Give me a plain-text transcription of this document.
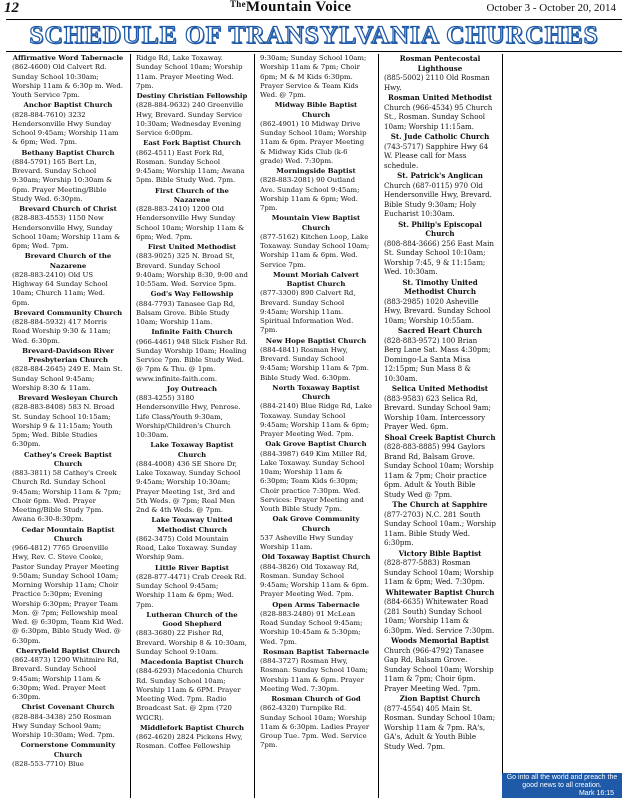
12	$^{The}$Mountain Voice	October 3 - October 20, 2014
SCHEDULE OF TRANSYLVANIA CHURCHES
Affirmative Word Tabernacle
(862-4600) Old Calvert Rd. Sunday School 10:30am; Worship 11am & 6:30p m. Wed. Youth Service 7pm.
Anchor Baptist Church
(828-884-7610) 3232 Hendersonville Hwy Sunday School 9:45am; Worship 11am & 6pm; Wed. 7pm.
Bethany Baptist Church
(884-5791) 165 Bert Ln, Brevard. Sunday School 9:30am; Worship 10:30am & 6pm. Prayer Meeting/Bible Study Wed. 6:30pm.
Brevard Church of Christ
(828-883-4553) 1150 New Hendersonville Hwy, Sunday School 10am; Worship 11am & 6pm; Wed. 7pm.
Brevard Church of the Nazarene
(828-883-2410) Old US Highway 64 Sunday School 10am; Church 11am; Wed. 6pm.
Brevard Community Church
(828-884-5932) 417 Morris Road Worship 9:30 & 11am; Wed. 6:30pm.
Brevard-Davidson River Presbyterian Church
(828-884-2645) 249 E. Main St. Sunday School 9:45am; Worship 8:30 & 11am.
Brevard Wesleyan Church
(828-883-8408) 583 N. Broad St. Sunday School 10:15am; Worship 9 & 11:15am; Youth 5pm; Wed. Bible Studies 6:30pm.
Cathey's Creek Baptist Church
(883-3811) 58 Cathey's Creek Church Rd. Sunday School 9:45am; Worship 11am & 7pm; Choir 6pm. Wed. Prayer Meeting/Bible Study 7pm. Awana 6:30-8:30pm.
Cedar Mountain Baptist Church
(966-4812) 7765 Greenville Hwy, Rev. C. Steve Cooke, Pastor Sunday Prayer Meeting 9:50am; Sunday School 10am; Morning Worship 11am; Choir Practice 5:30pm; Evening Worship 6:30pm; Prayer Team Mon. @ 7pm; Fellowship meal Wed. @ 6:30pm, Team Kid Wed. @ 6:30pm, Bible Study Wed. @ 6:30pm.
Cherryfield Baptist Church
(862-4873) 1290 Whitmire Rd, Brevard. Sunday School 9:45am; Worship 11am & 6:30pm; Wed. Prayer Meet 6:30pm.
Christ Covenant Church
(828-884-3438) 250 Rosman Hwy Sunday School 9am; Worship 10:30am; Wed. 7pm.
Cornerstone Community Church
(828-553-7710) Blue
Ridge Rd, Lake Toxaway. Sunday School 10am; Worship 11am. Prayer Meeting Wed. 7pm.
Destiny Christian Fellowship
(828-884-9632) 240 Greenville Hwy, Brevard. Sunday Service 10:30am; Wednesday Evening Service 6:00pm.
East Fork Baptist Church
(862-4511) East Fork Rd, Rosman. Sunday School 9:45am; Worship 11am; Awana 5pm. Bible Study Wed. 7pm.
First Church of the Nazarene
(828-883-2410) 1200 Old Hendersonville Hwy Sunday School 10am; Worship 11am & 6pm; Wed. 7pm.
First United Methodist
(883-9025) 325 N. Broad St, Brevard. Sunday School 9:40am; Worship 8:30, 9:00 and 10:55am. Wed. Service 5pm.
God's Way Fellowship
(884-7793) Tanasee Gap Rd, Balsam Grove. Bible Study 10am; Worship 11am.
Infinite Faith Church
(966-4461) 948 Slick Fisher Rd. Sunday Worship 10am; Healing Service 7pm. Bible Study Wed. @ 7pm & Thu. @ 1pm. www.infinite-faith.com.
Joy Outreach
(883-4255) 3180 Hendersonville Hwy, Penrose. Life Class/Youth 9:30am, Worship/Children's Church 10:30am.
Lake Toxaway Baptist Church
(884-4008) 436 SE Shore Dr, Lake Toxaway. Sunday School 9:45am; Worship 10:30am; Prayer Meeting 1st, 3rd and 5th Weds. @ 7pm; Real Men 2nd & 4th Weds. @ 7pm.
Lake Toxaway United Methodist Church
(862-3475) Cold Mountain Road, Lake Toxaway. Sunday Worship 9am.
Little River Baptist
(828-877-4471) Crab Creek Rd. Sunday School 9:45am; Worship 11am & 6pm; Wed. 7pm.
Lutheran Church of the Good Shepherd
(883-3680) 22 Fisher Rd, Brevard. Worship 8 & 10:30am, Sunday School 9:10am.
Macedonia Baptist Church
(884-6293) Macedonia Church Rd. Sunday School 10am; Worship 11am & 6PM. Prayer Meeting Wed. 7pm. Radio Broadcast Sat. @ 2pm (720 WGCR).
Middlefork Baptist Church
(862-4620) 2824 Pickens Hwy, Rosman. Coffee Fellowship
9:30am; Sunday School 10am; Worship 11am & 7pm; Choir 6pm; M & M Kids 6:30pm. Prayer Service & Team Kids Wed. @ 7pm.
Midway Bible Baptist Church
(862-4901) 10 Midway Drive Sunday School 10am; Worship 11am & 6pm. Prayer Meeting & Midway Kids Club (k-6 grade) Wed. 7:30pm.
Morningside Baptist
(828-883-2081) 90 Outland Ave. Sunday School 9:45am; Worship 11am & 6pm; Wed. 7pm.
Mountain View Baptist Church
(877-5162) Kitchen Loop, Lake Toxaway. Sunday School 10am; Worship 11am & 6pm. Wed. Service 7pm.
Mount Moriah Calvert Baptist Church
(877-3300) 890 Calvert Rd, Brevard. Sunday School 9:45am; Worship 11am. Spiritual Information Wed. 7pm.
New Hope Baptist Church
(884-4841) Rosman Hwy, Brevard. Sunday School 9:45am; Worship 11am & 7pm. Bible Study Wed. 6:30pm.
North Toxaway Baptist Church
(884-2140) Blue Ridge Rd, Lake Toxaway. Sunday School 9:45am; Worship 11am & 6pm; Prayer Meeting Wed. 7pm.
Oak Grove Baptist Church
(884-3987) 649 Kim Miller Rd, Lake Toxaway. Sunday School 10am; Worship 11am & 6:30pm; Team Kids 6:30pm; Choir practice 7:30pm. Wed. Services: Prayer Meeting and Youth Bible Study 7pm.
Oak Grove Community Church
537 Asheville Hwy Sunday Worship 11am.
Old Toxaway Baptist Church
(884-3826) Old Toxaway Rd, Rosman. Sunday School 9:45am; Worship 11am & 6pm. Prayer Meeting Wed. 7pm.
Open Arms Tabernacle
(828-883-2480) 91 McLean Road Sunday School 9:45am; Worship 10:45am & 5:30pm; Wed. 7pm.
Rosman Baptist Tabernacle
(884-3727) Rosman Hwy, Rosman. Sunday School 10am; Worship 11am & 6pm. Prayer Meeting Wed. 7:30pm.
Rosman Church of God
(862-4320) Turnpike Rd. Sunday School 10am; Worship 11am & 6:30pm. Ladies Prayer Group Tue. 7pm. Wed. Service 7pm.
Rosman Pentecostal Lighthouse
(885-5002) 2110 Old Rosman Hwy.
Rosman United Methodist
Church (966-4534) 95 Church St., Rosman. Sunday School 10am; Worship 11:15am.
St. Jude Catholic Church
(743-5717) Sapphire Hwy 64 W. Please call for Mass schedule.
St. Patrick's Anglican
Church (687-0115) 970 Old Hendersonville Hwy, Brevard. Bible Study 9:30am; Holy Eucharist 10:30am.
St. Philip's Episcopal Church
(808-884-3666) 256 East Main St. Sunday School 10:10am; Worship 7:45, 9 & 11:15am; Wed. 10:30am.
St. Timothy United Methodist Church
(883-2985) 1020 Asheville Hwy, Brevard. Sunday School 10am; Worship 10:55am.
Sacred Heart Church
(828-883-9572) 100 Brian Berg Lane Sat. Mass 4:30pm; Domingo-La Santa Misa 12:15pm; Sun Mass 8 & 10:30am.
Selica United Methodist
(883-9583) 623 Selica Rd, Brevard. Sunday School 9am; Worship 10am. Intercessory Prayer Wed. 6pm.
Shoal Creek Baptist Church
(828-883-8885) 994 Gaylors Brand Rd, Balsam Grove. Sunday School 10am; Worship 11am & 7pm; Choir practice 6pm. Adult & Youth Bible Study Wed @ 7pm.
The Church at Sapphire
(877-2703) N.C. 281 South Sunday School 10am.; Worship 11am. Bible Study Wed. 6:30pm.
Victory Bible Baptist
(828-877-5883) Rosman Sunday School 10am; Worship 11am & 6pm; Wed. 7:30pm.
Whitewater Baptist Church
(884-6635) Whitewater Road (281 South) Sunday School 10am; Worship 11am & 6:30pm. Wed. Service 7:30pm.
Woods Memorial Baptist
Church (966-4792) Tanasee Gap Rd, Balsam Grove. Sunday School 10am; Worship 11am & 7pm; Choir 6pm. Prayer Meeting Wed. 7pm.
Zion Baptist Church
(877-4554) 405 Main St. Rosman. Sunday School 10am; Worship 11am & 7pm. RA's, GA's, Adult & Youth Bible Study Wed. 7pm.
Go into all the world and preach the good news to all creation.
Mark 16:15
